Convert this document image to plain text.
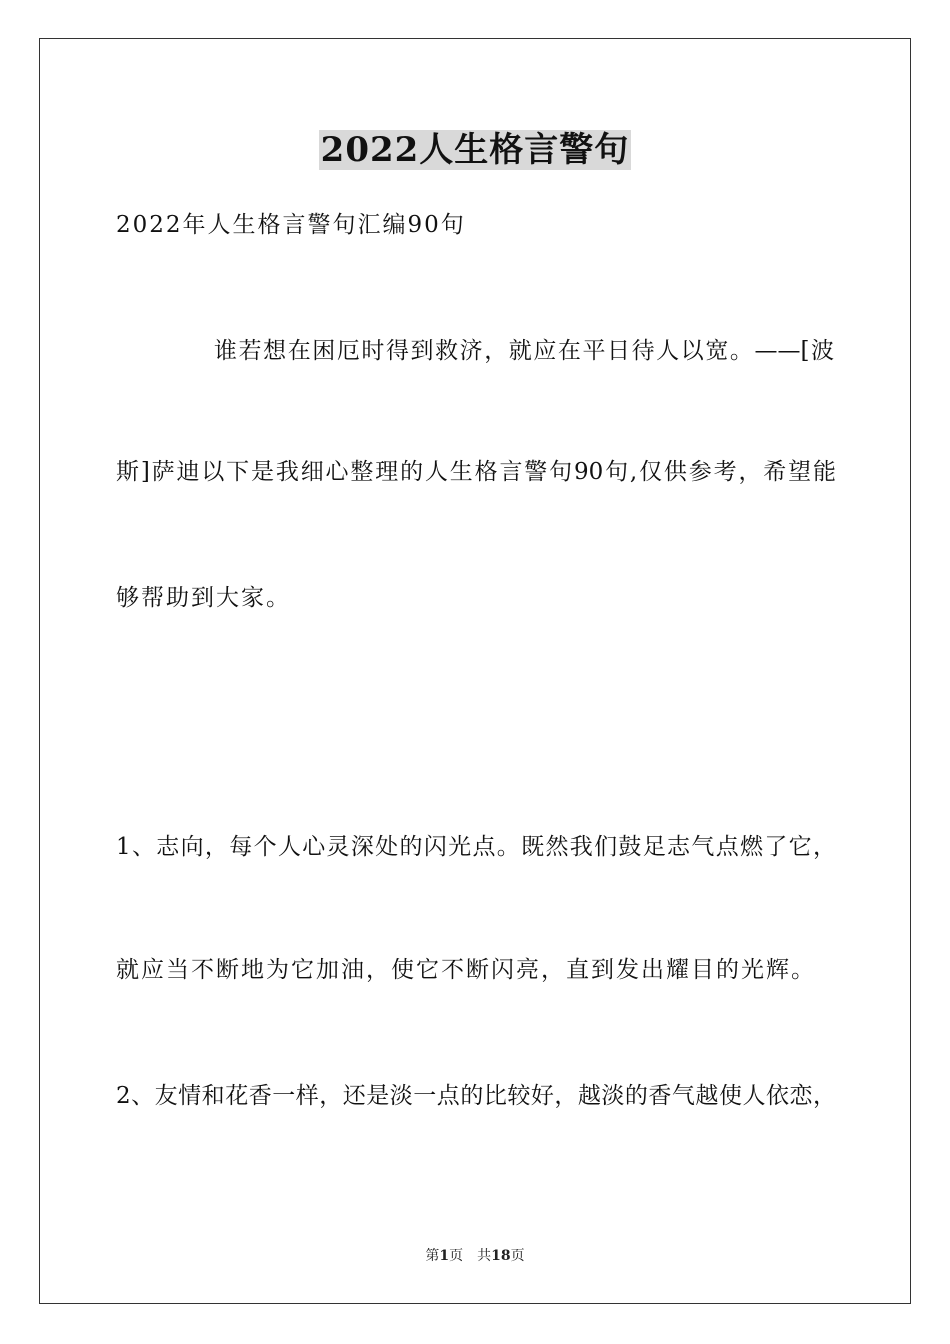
2022人生格言警句
2022年人生格言警句汇编90句
谁若想在困厄时得到救济，就应在平日待人以宽。——[波
斯]萨迪以下是我细心整理的人生格言警句90句,仅供参考，希望能
够帮助到大家。
1、志向，每个人心灵深处的闪光点。既然我们鼓足志气点燃了它，
就应当不断地为它加油，使它不断闪亮，直到发出耀目的光辉。
2、友情和花香一样，还是淡一点的比较好，越淡的香气越使人依恋，
第1页 共18页
